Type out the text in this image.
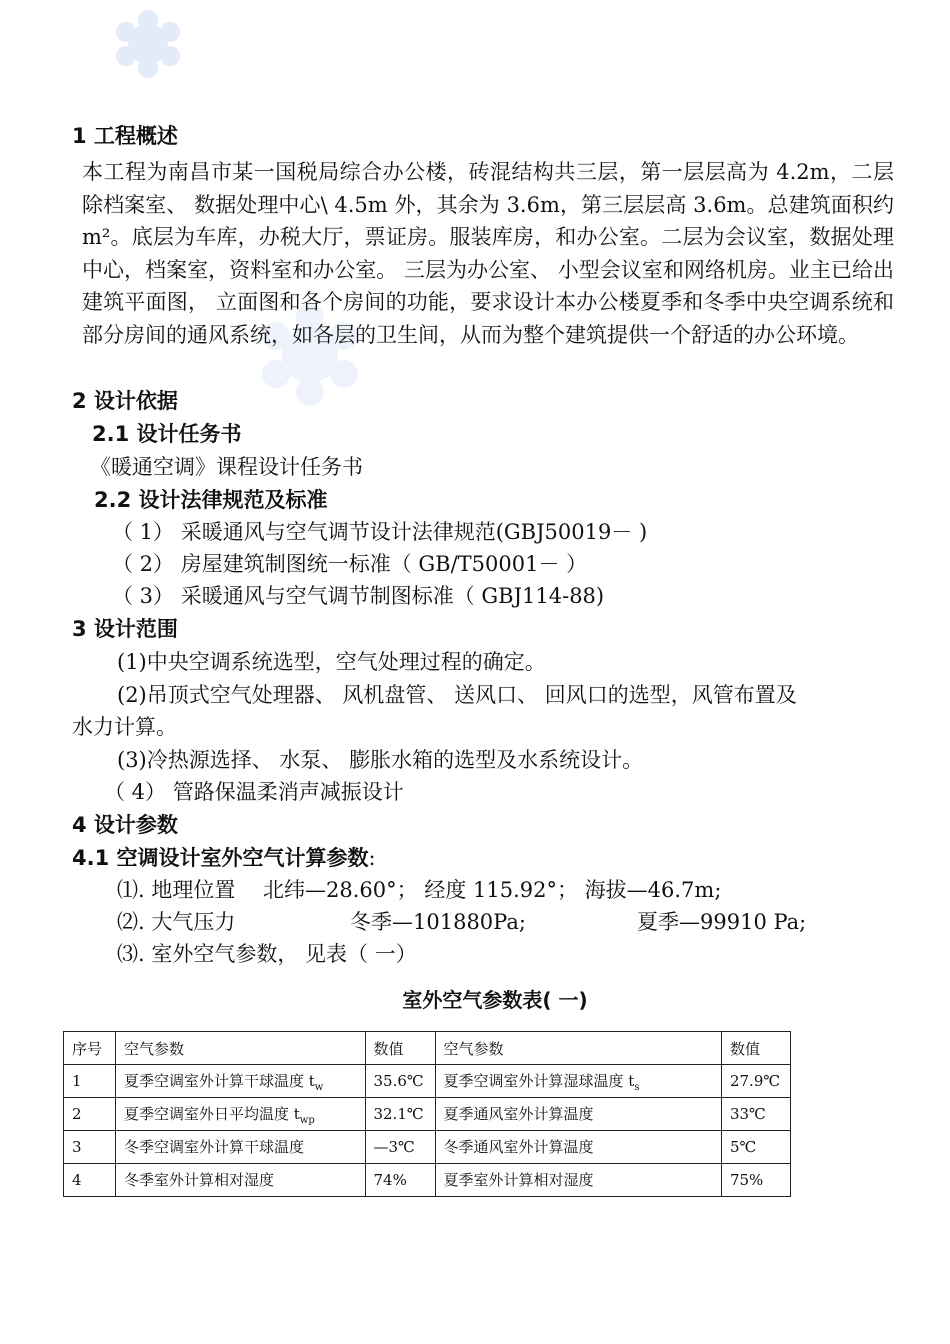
1 工程概述
本工程为南昌市某一国税局综合办公楼，砖混结构共三层，第一层层高为 4.2m，二层除档案室、 数据处理中心\ 4.5m 外，其余为 3.6m，第三层层高 3.6m。总建筑面积约 m²。底层为车库，办税大厅，票证房。服装库房，和办公室。二层为会议室，数据处理中心，档案室，资料室和办公室。 三层为办公室、 小型会议室和网络机房。业主已给出建筑平面图， 立面图和各个房间的功能，要求设计本办公楼夏季和冬季中央空调系统和部分房间的通风系统，如各层的卫生间，从而为整个建筑提供一个舒适的办公环境。
2 设计依据
2.1 设计任务书
《暖通空调》课程设计任务书
2.2 设计法律规范及标准
（ 1） 采暖通风与空气调节设计法律规范(GBJ50019－ )
（ 2） 房屋建筑制图统一标准（ GB/T50001－ ）
（ 3） 采暖通风与空气调节制图标准（ GBJ114-88)
3 设计范围
(1)中央空调系统选型，空气处理过程的确定。
(2)吊顶式空气处理器、 风机盘管、 送风口、 回风口的选型，风管布置及
水力计算。
(3)冷热源选择、 水泵、 膨胀水箱的选型及水系统设计。
（ 4） 管路保温柔消声减振设计
4 设计参数
4.1 空调设计室外空气计算参数:
⑴. 地理位置　 北纬—28.60°； 经度 115.92°； 海拔—46.7m;
⑵. 大气压力	冬季—101880Pa;	夏季—99910 Pa;
⑶. 室外空气参数， 见表（ 一）
室外空气参数表( 一)
序号	空气参数	数值	空气参数	数值
1	夏季空调室外计算干球温度 $t_w$	35.6℃	夏季空调室外计算湿球温度 $t_s$	27.9℃
2	夏季空调室外日平均温度 $t_{wp}$	32.1℃	夏季通风室外计算温度	33℃
3	冬季空调室外计算干球温度	—3℃	冬季通风室外计算温度	5℃
4	冬季室外计算相对湿度	74%	夏季室外计算相对湿度	75%
